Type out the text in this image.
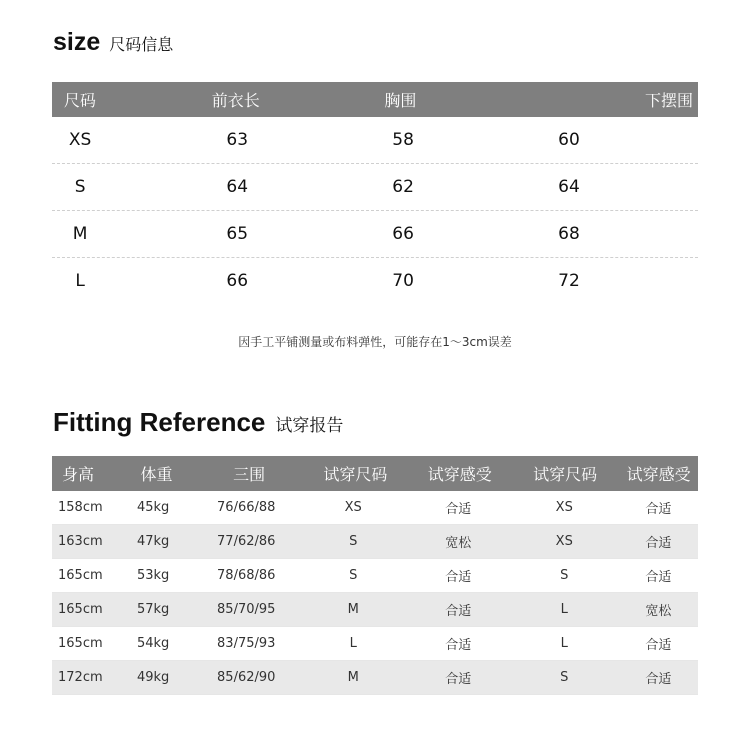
size 尺码信息
尺码	前衣长	胸围	下摆围
XS	63	58	60
S	64	62	64
M	65	66	68
L	66	70	72
因手工平铺测量或布料弹性，可能存在1～3cm误差
Fitting Reference 试穿报告
身高	体重	三围	试穿尺码	试穿感受	试穿尺码	试穿感受
158cm	45kg	76/66/88	XS	合适	XS	合适
163cm	47kg	77/62/86	S	宽松	XS	合适
165cm	53kg	78/68/86	S	合适	S	合适
165cm	57kg	85/70/95	M	合适	L	宽松
165cm	54kg	83/75/93	L	合适	L	合适
172cm	49kg	85/62/90	M	合适	S	合适
